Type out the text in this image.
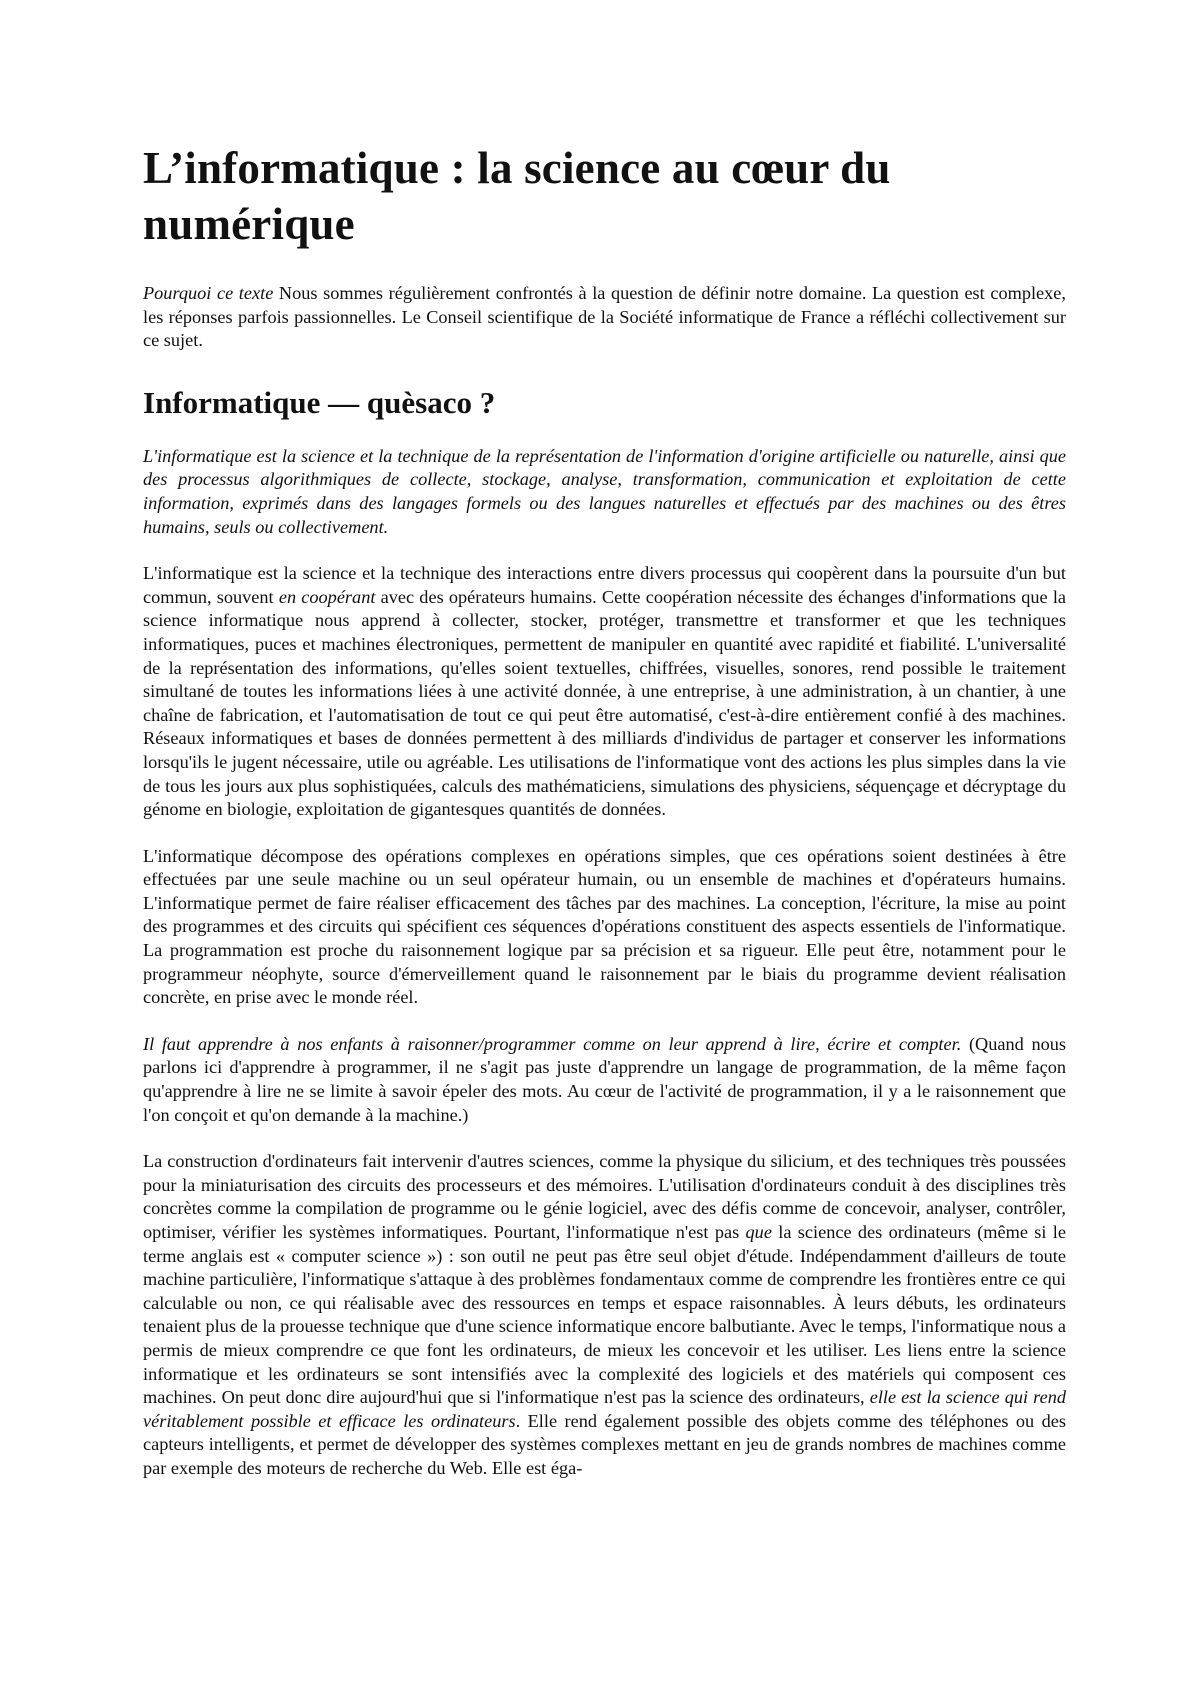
L’informatique : la science au cœur du numérique

Pourquoi ce texte Nous sommes régulièrement confrontés à la question de définir notre domaine. La question est complexe, les réponses parfois passionnelles. Le Conseil scientifique de la Société informatique de France a réfléchi collectivement sur ce sujet.

Informatique — quèsaco ?

L'informatique est la science et la technique de la représentation de l'information d'origine artificielle ou naturelle, ainsi que des processus algorithmiques de collecte, stockage, analyse, transformation, communication et exploitation de cette information, exprimés dans des langages formels ou des langues naturelles et effectués par des machines ou des êtres humains, seuls ou collectivement.

L'informatique est la science et la technique des interactions entre divers processus qui coopèrent dans la poursuite d'un but commun, souvent en coopérant avec des opérateurs humains. Cette coopération nécessite des échanges d'informations que la science informatique nous apprend à collecter, stocker, protéger, transmettre et transformer et que les techniques informatiques, puces et machines électroniques, permettent de manipuler en quantité avec rapidité et fiabilité. L'universalité de la représentation des informations, qu'elles soient textuelles, chiffrées, visuelles, sonores, rend possible le traitement simultané de toutes les informations liées à une activité donnée, à une entreprise, à une administration, à un chantier, à une chaîne de fabrication, et l'automatisation de tout ce qui peut être automatisé, c'est-à-dire entièrement confié à des machines. Réseaux informatiques et bases de données permettent à des milliards d'individus de partager et conserver les informations lorsqu'ils le jugent nécessaire, utile ou agréable. Les utilisations de l'informatique vont des actions les plus simples dans la vie de tous les jours aux plus sophistiquées, calculs des mathématiciens, simulations des physiciens, séquençage et décryptage du génome en biologie, exploitation de gigantesques quantités de données.

L'informatique décompose des opérations complexes en opérations simples, que ces opérations soient destinées à être effectuées par une seule machine ou un seul opérateur humain, ou un ensemble de machines et d'opérateurs humains. L'informatique permet de faire réaliser efficacement des tâches par des machines. La conception, l'écriture, la mise au point des programmes et des circuits qui spécifient ces séquences d'opérations constituent des aspects essentiels de l'informatique. La programmation est proche du raisonnement logique par sa précision et sa rigueur. Elle peut être, notamment pour le programmeur néophyte, source d'émerveillement quand le raisonnement par le biais du programme devient réalisation concrète, en prise avec le monde réel.

Il faut apprendre à nos enfants à raisonner/programmer comme on leur apprend à lire, écrire et compter. (Quand nous parlons ici d'apprendre à programmer, il ne s'agit pas juste d'apprendre un langage de programmation, de la même façon qu'apprendre à lire ne se limite à savoir épeler des mots. Au cœur de l'activité de programmation, il y a le raisonnement que l'on conçoit et qu'on demande à la machine.)

La construction d'ordinateurs fait intervenir d'autres sciences, comme la physique du silicium, et des techniques très poussées pour la miniaturisation des circuits des processeurs et des mémoires. L'utilisation d'ordinateurs conduit à des disciplines très concrètes comme la compilation de programme ou le génie logiciel, avec des défis comme de concevoir, analyser, contrôler, optimiser, vérifier les systèmes informatiques. Pourtant, l'informatique n'est pas que la science des ordinateurs (même si le terme anglais est « computer science ») : son outil ne peut pas être seul objet d'étude. Indépendamment d'ailleurs de toute machine particulière, l'informatique s'attaque à des problèmes fondamentaux comme de comprendre les frontières entre ce qui calculable ou non, ce qui réalisable avec des ressources en temps et espace raisonnables. À leurs débuts, les ordinateurs tenaient plus de la prouesse technique que d'une science informatique encore balbutiante. Avec le temps, l'informatique nous a permis de mieux comprendre ce que font les ordinateurs, de mieux les concevoir et les utiliser. Les liens entre la science informatique et les ordinateurs se sont intensifiés avec la complexité des logiciels et des matériels qui composent ces machines. On peut donc dire aujourd'hui que si l'informatique n'est pas la science des ordinateurs, elle est la science qui rend véritablement possible et efficace les ordinateurs. Elle rend également possible des objets comme des téléphones ou des capteurs intelligents, et permet de développer des systèmes complexes mettant en jeu de grands nombres de machines comme par exemple des moteurs de recherche du Web. Elle est éga-
